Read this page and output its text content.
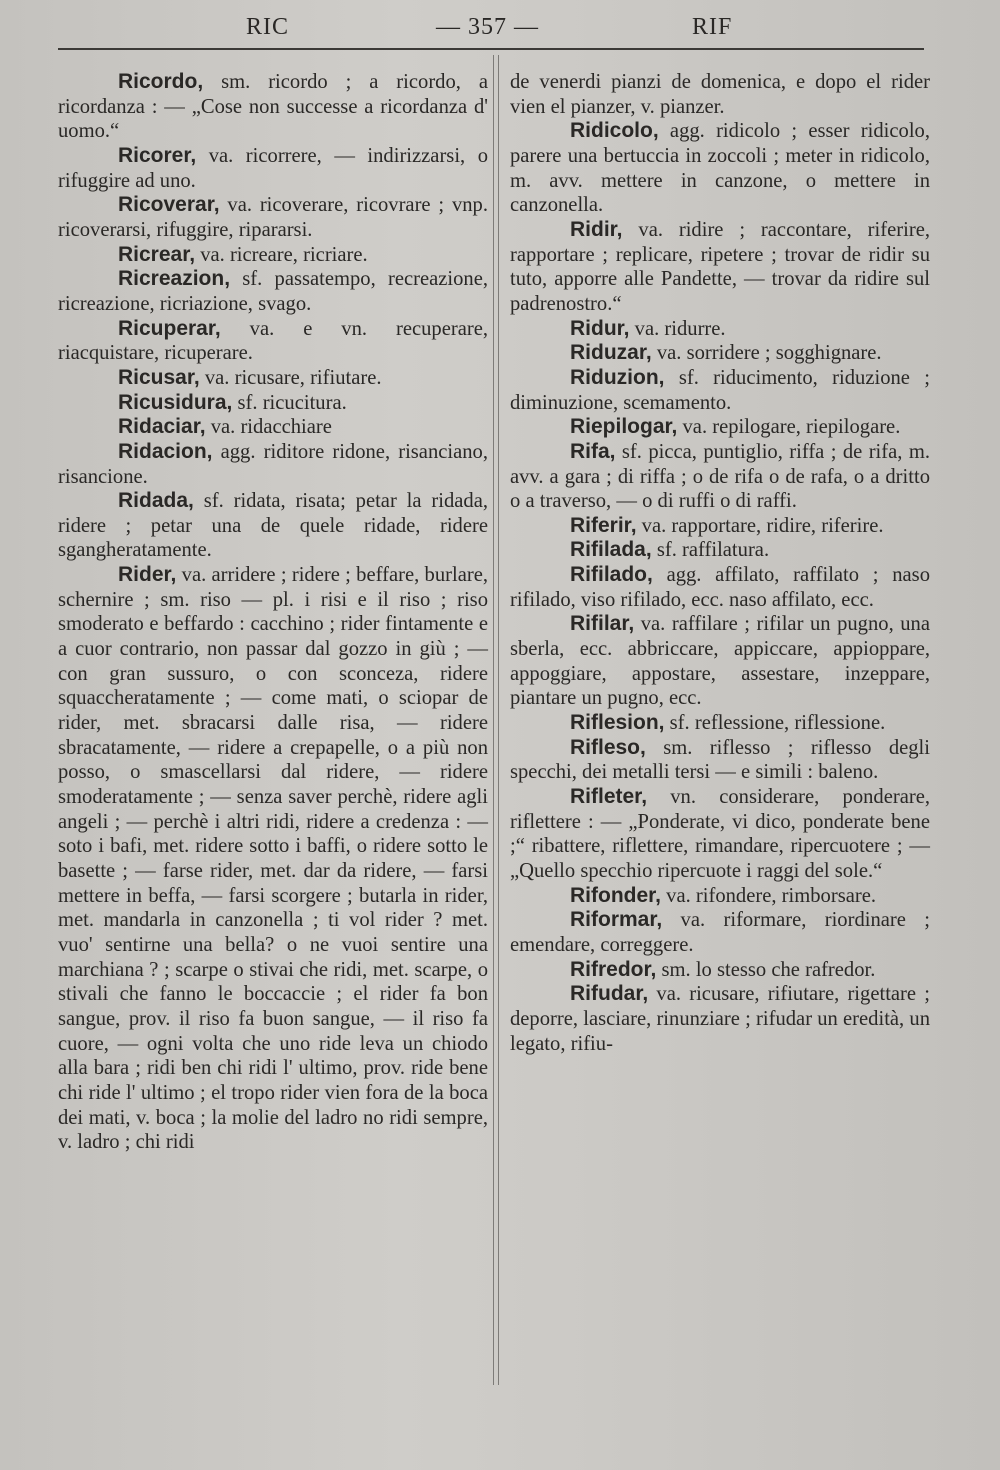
RIC	— 357 —	RIF

Ricordo, sm. ricordo ; a ricordo, a ricordanza : — „Cose non successe a ricordanza d' uomo.“

Ricorer, va. ricorrere, — indirizzarsi, o rifuggire ad uno.

Ricoverar, va. ricoverare, ricovrare ; vnp. ricoverarsi, rifuggire, ripararsi.

Ricrear, va. ricreare, ricriare.

Ricreazion, sf. passatempo, recreazione, ricreazione, ricriazione, svago.

Ricuperar, va. e vn. recuperare, riacquistare, ricuperare.

Ricusar, va. ricusare, rifiutare.

Ricusidura, sf. ricucitura.

Ridaciar, va. ridacchiare

Ridacion, agg. riditore ridone, risanciano, risancione.

Ridada, sf. ridata, risata; petar la ridada, ridere ; petar una de quele ridade, ridere sgangheratamente.

Rider, va. arridere ; ridere ; beffare, burlare, schernire ; sm. riso — pl. i risi e il riso ; riso smoderato e beffardo : cacchino ; rider fintamente e a cuor contrario, non passar dal gozzo in giù ; — con gran sussuro, o con sconceza, ridere squaccheratamente ; — come mati, o sciopar de rider, met. sbracarsi dalle risa, — ridere sbracatamente, — ridere a crepapelle, o a più non posso, o smascellarsi dal ridere, — ridere smoderatamente ; — senza saver perchè, ridere agli angeli ; — perchè i altri ridi, ridere a credenza : — soto i bafi, met. ridere sotto i baffi, o ridere sotto le basette ; — farse rider, met. dar da ridere, — farsi mettere in beffa, — farsi scorgere ; butarla in rider, met. mandarla in canzonella ; ti vol rider ? met. vuo' sentirne una bella? o ne vuoi sentire una marchiana ? ; scarpe o stivai che ridi, met. scarpe, o stivali che fanno le boccaccie ; el rider fa bon sangue, prov. il riso fa buon sangue, — il riso fa cuore, — ogni volta che uno ride leva un chiodo alla bara ; ridi ben chi ridi l' ultimo, prov. ride bene chi ride l' ultimo ; el tropo rider vien fora de la boca dei mati, v. boca ; la molie del ladro no ridi sempre, v. ladro ; chi ridi

de venerdi pianzi de domenica, e dopo el rider vien el pianzer, v. pianzer.

Ridicolo, agg. ridicolo ; esser ridicolo, parere una bertuccia in zoccoli ; meter in ridicolo, m. avv. mettere in canzone, o mettere in canzonella.

Ridir, va. ridire ; raccontare, riferire, rapportare ; replicare, ripetere ; trovar de ridir su tuto, apporre alle Pandette, — trovar da ridire sul padrenostro.“

Ridur, va. ridurre.

Riduzar, va. sorridere ; sogghignare.

Riduzion, sf. riducimento, riduzione ; diminuzione, scemamento.

Riepilogar, va. repilogare, riepilogare.

Rifa, sf. picca, puntiglio, riffa ; de rifa, m. avv. a gara ; di riffa ; o de rifa o de rafa, o a dritto o a traverso, — o di ruffi o di raffi.

Riferir, va. rapportare, ridire, riferire.

Rifilada, sf. raffilatura.

Rifilado, agg. affilato, raffilato ; naso rifilado, viso rifilado, ecc. naso affilato, ecc.

Rifilar, va. raffilare ; rifilar un pugno, una sberla, ecc. abbriccare, appiccare, appioppare, appoggiare, appostare, assestare, inzeppare, piantare un pugno, ecc.

Riflesion, sf. reflessione, riflessione.

Rifleso, sm. riflesso ; riflesso degli specchi, dei metalli tersi — e simili : baleno.

Rifleter, vn. considerare, ponderare, riflettere : — „Ponderate, vi dico, ponderate bene ;“ ribattere, riflettere, rimandare, ripercuotere ; — „Quello specchio ripercuote i raggi del sole.“

Rifonder, va. rifondere, rimborsare.

Riformar, va. riformare, riordinare ; emendare, correggere.

Rifredor, sm. lo stesso che rafredor.

Rifudar, va. ricusare, rifiutare, rigettare ; deporre, lasciare, rinunziare ; rifudar un eredità, un legato, rifiu-
